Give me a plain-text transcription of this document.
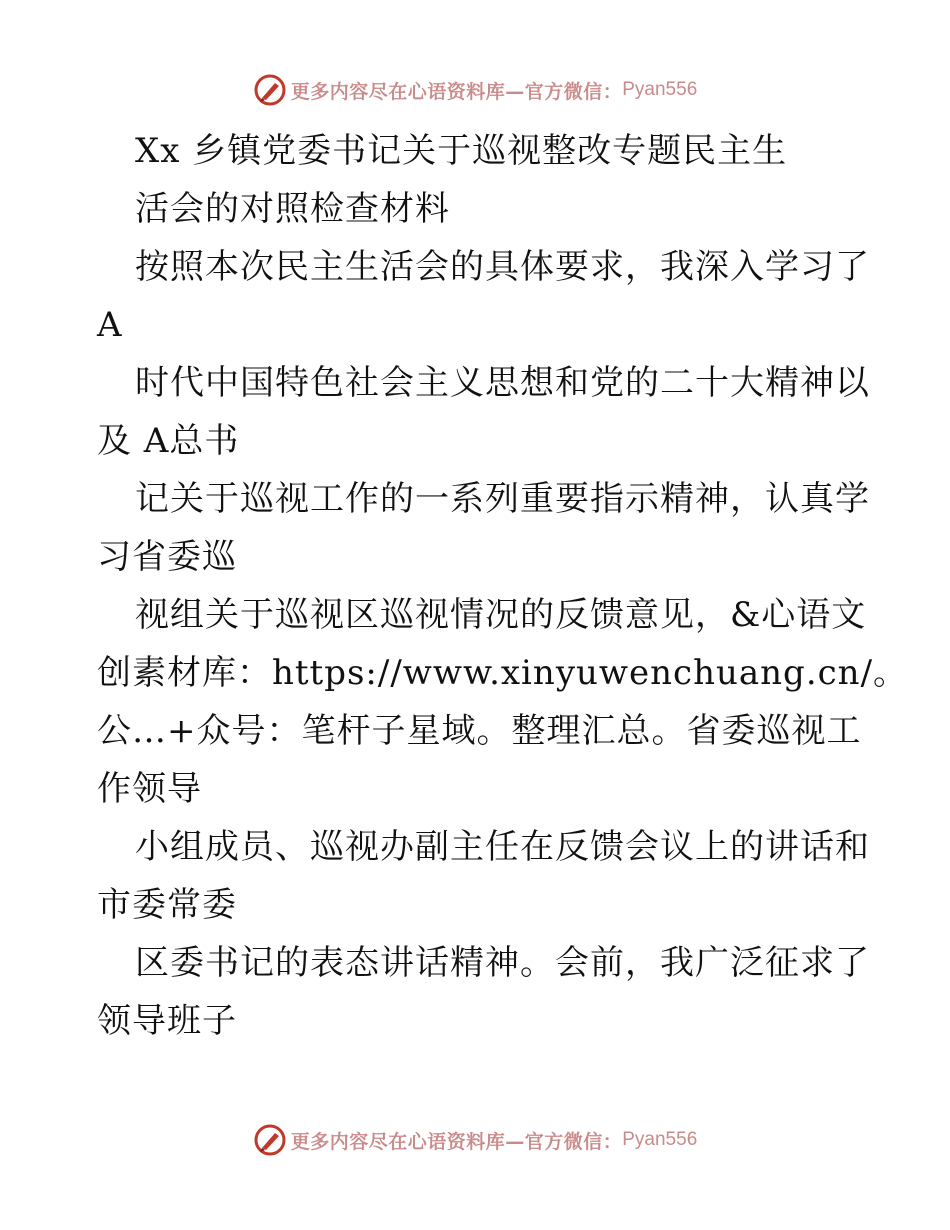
更多内容尽在心语资料库—官方微信： Pyan556
Xx 乡镇党委书记关于巡视整改专题民主生
活会的对照检查材料
按照本次民主生活会的具体要求，我深入学习了
A
时代中国特色社会主义思想和党的二十大精神以
及 A总书
记关于巡视工作的一系列重要指示精神，认真学
习省委巡
视组关于巡视区巡视情况的反馈意见，&心语文
创素材库：https://www.xinyuwenchuang.cn/。
公…+众号：笔杆子星域。整理汇总。省委巡视工
作领导
小组成员、巡视办副主任在反馈会议上的讲话和
市委常委
区委书记的表态讲话精神。会前，我广泛征求了
领导班子
更多内容尽在心语资料库—官方微信： Pyan556
